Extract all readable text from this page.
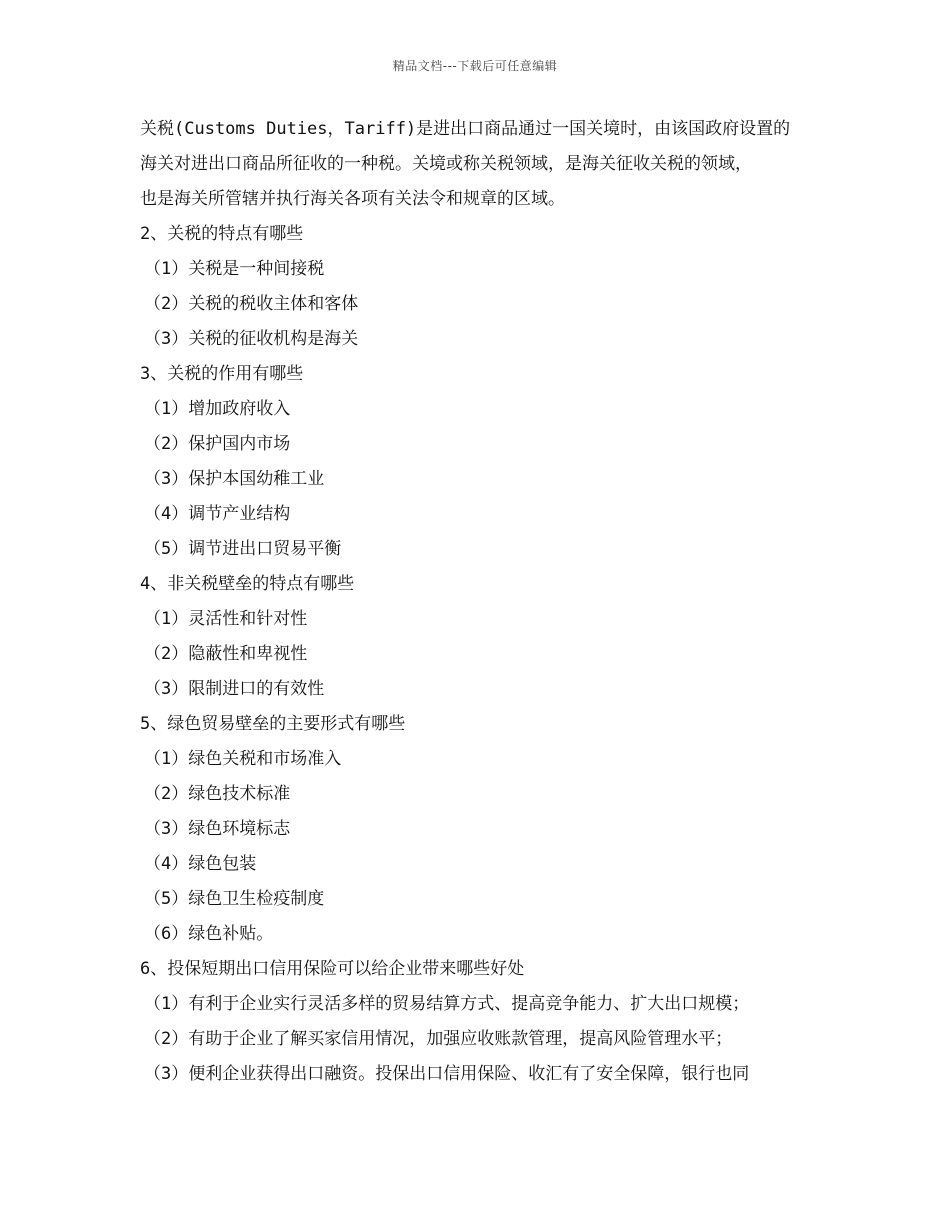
精品文档---下载后可任意编辑

关税(Customs Duties，Tariff)是进出口商品通过一国关境时，由该国政府设置的

海关对进出口商品所征收的一种税。关境或称关税领域，是海关征收关税的领域，

也是海关所管辖并执行海关各项有关法令和规章的区域。

2、关税的特点有哪些

（1）关税是一种间接税

（2）关税的税收主体和客体

（3）关税的征收机构是海关

3、关税的作用有哪些

（1）增加政府收入

（2）保护国内市场

（3）保护本国幼稚工业

（4）调节产业结构

（5）调节进出口贸易平衡

4、非关税壁垒的特点有哪些

（1）灵活性和针对性

（2）隐蔽性和卑视性

（3）限制进口的有效性

5、绿色贸易壁垒的主要形式有哪些

（1）绿色关税和市场准入

（2）绿色技术标准

（3）绿色环境标志

（4）绿色包装

（5）绿色卫生检疫制度

（6）绿色补贴。

6、投保短期出口信用保险可以给企业带来哪些好处

（1）有利于企业实行灵活多样的贸易结算方式、提高竞争能力、扩大出口规模；

（2）有助于企业了解买家信用情况，加强应收账款管理，提高风险管理水平；

（3）便利企业获得出口融资。投保出口信用保险、收汇有了安全保障，银行也同
